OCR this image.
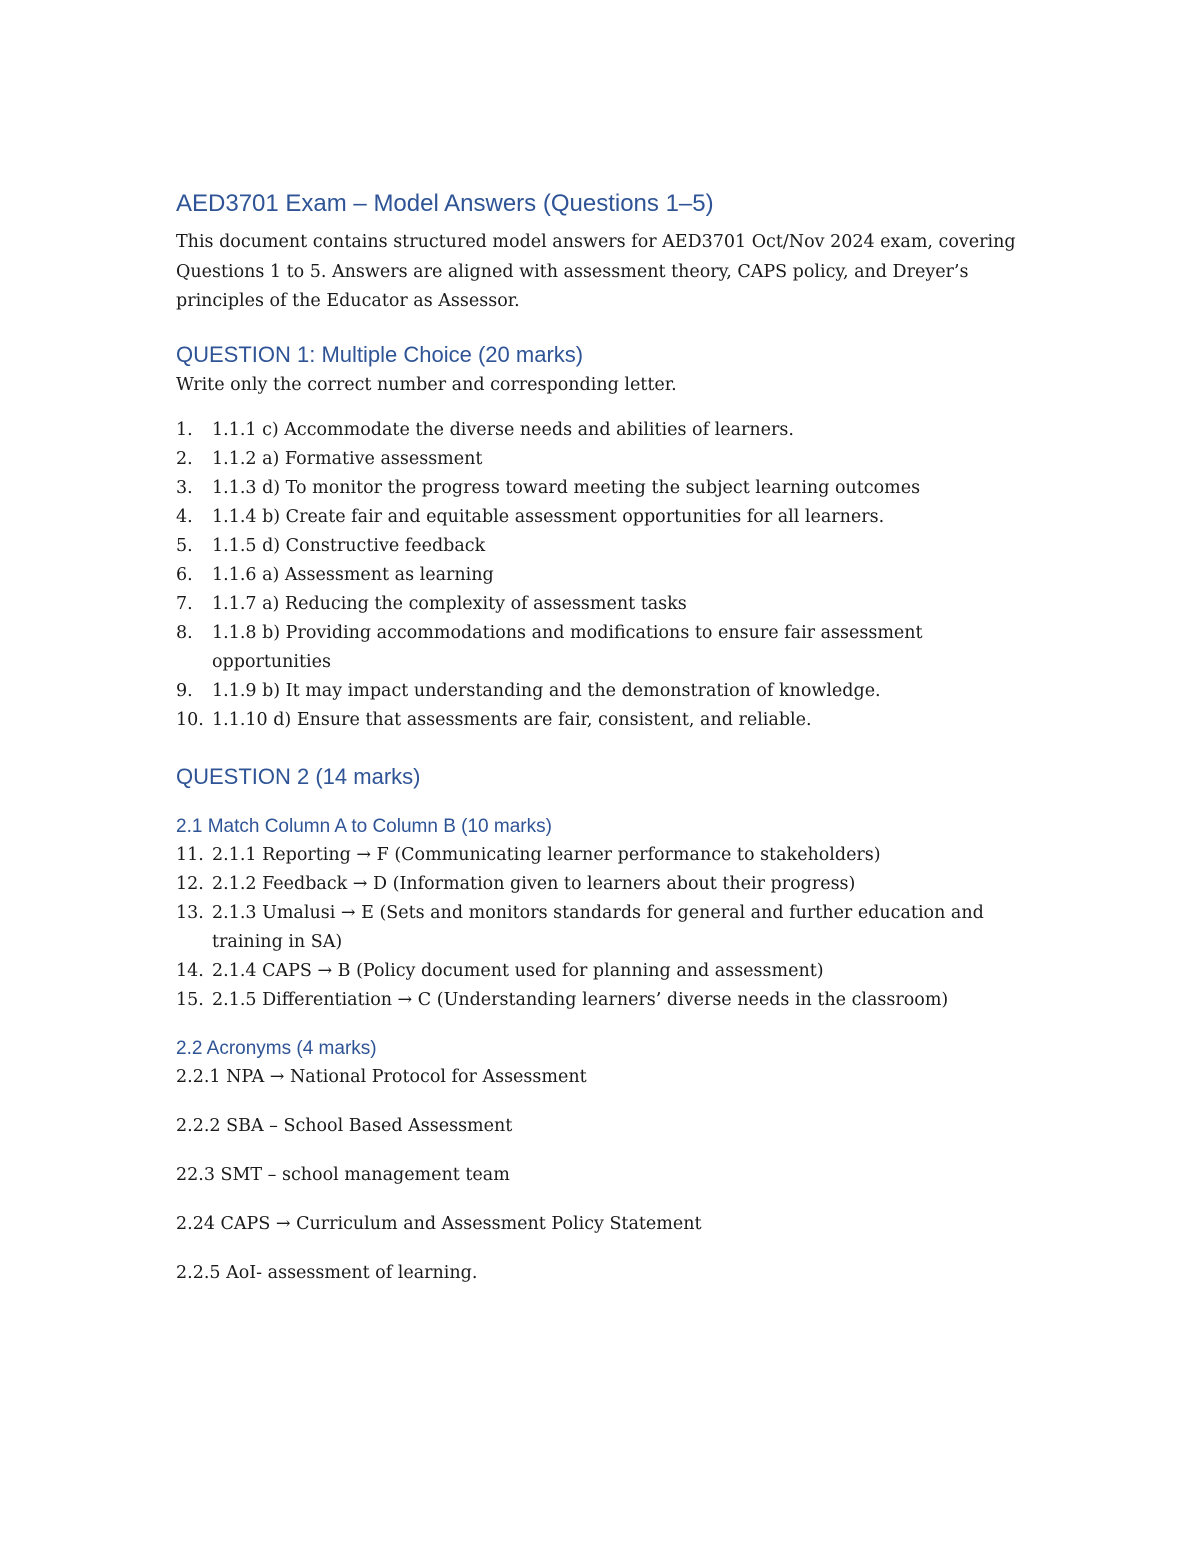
AED3701 Exam – Model Answers (Questions 1–5)

This document contains structured model answers for AED3701 Oct/Nov 2024 exam, covering Questions 1 to 5. Answers are aligned with assessment theory, CAPS policy, and Dreyer’s principles of the Educator as Assessor.

QUESTION 1: Multiple Choice (20 marks)

Write only the correct number and corresponding letter.

1.	1.1.1 c) Accommodate the diverse needs and abilities of learners.
2.	1.1.2 a) Formative assessment
3.	1.1.3 d) To monitor the progress toward meeting the subject learning outcomes
4.	1.1.4 b) Create fair and equitable assessment opportunities for all learners.
5.	1.1.5 d) Constructive feedback
6.	1.1.6 a) Assessment as learning
7.	1.1.7 a) Reducing the complexity of assessment tasks
8.	1.1.8 b) Providing accommodations and modifications to ensure fair assessment opportunities
9.	1.1.9 b) It may impact understanding and the demonstration of knowledge.
10. 1.1.10 d) Ensure that assessments are fair, consistent, and reliable.
QUESTION 2 (14 marks)
2.1 Match Column A to Column B (10 marks)
11. 2.1.1 Reporting → F (Communicating learner performance to stakeholders)
12. 2.1.2 Feedback → D (Information given to learners about their progress)
13. 2.1.3 Umalusi → E (Sets and monitors standards for general and further education and training in SA)
14. 2.1.4 CAPS → B (Policy document used for planning and assessment)
15. 2.1.5 Differentiation → C (Understanding learners’ diverse needs in the classroom)
2.2 Acronyms (4 marks)

2.2.1 NPA → National Protocol for Assessment

2.2.2 SBA – School Based Assessment

22.3 SMT – school management team

2.24 CAPS → Curriculum and Assessment Policy Statement

2.2.5 AoI- assessment of learning.
